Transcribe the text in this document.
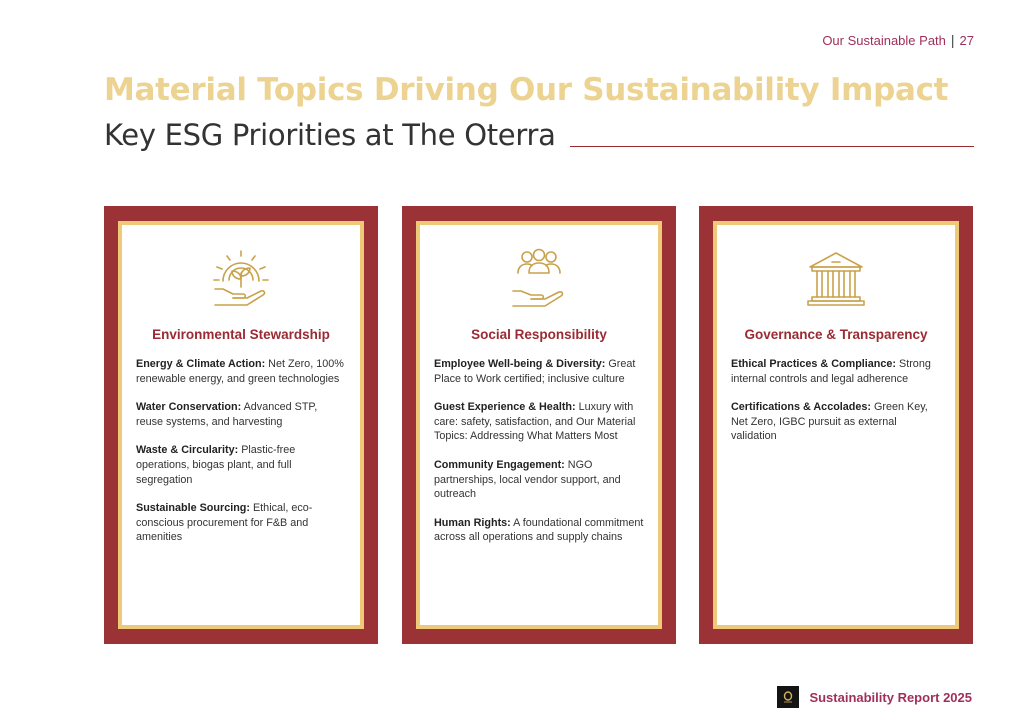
Our Sustainable Path | 27
Material Topics Driving Our Sustainability Impact
Key ESG Priorities at The Oterra
Environmental Stewardship

Energy & Climate Action: Net Zero, 100% renewable energy, and green technologies

Water Conservation: Advanced STP, reuse systems, and harvesting

Waste & Circularity: Plastic-free operations, biogas plant, and full segregation

Sustainable Sourcing: Ethical, eco-conscious procurement for F&B and amenities

Social Responsibility

Employee Well-being & Diversity: Great Place to Work certified; inclusive culture

Guest Experience & Health: Luxury with care: safety, satisfaction, and Our Material Topics: Addressing What Matters Most

Community Engagement: NGO partnerships, local vendor support, and outreach

Human Rights: A foundational commitment across all operations and supply chains

Governance & Transparency

Ethical Practices & Compliance: Strong internal controls and legal adherence

Certifications & Accolades: Green Key, Net Zero, IGBC pursuit as external validation

Sustainability Report 2025
